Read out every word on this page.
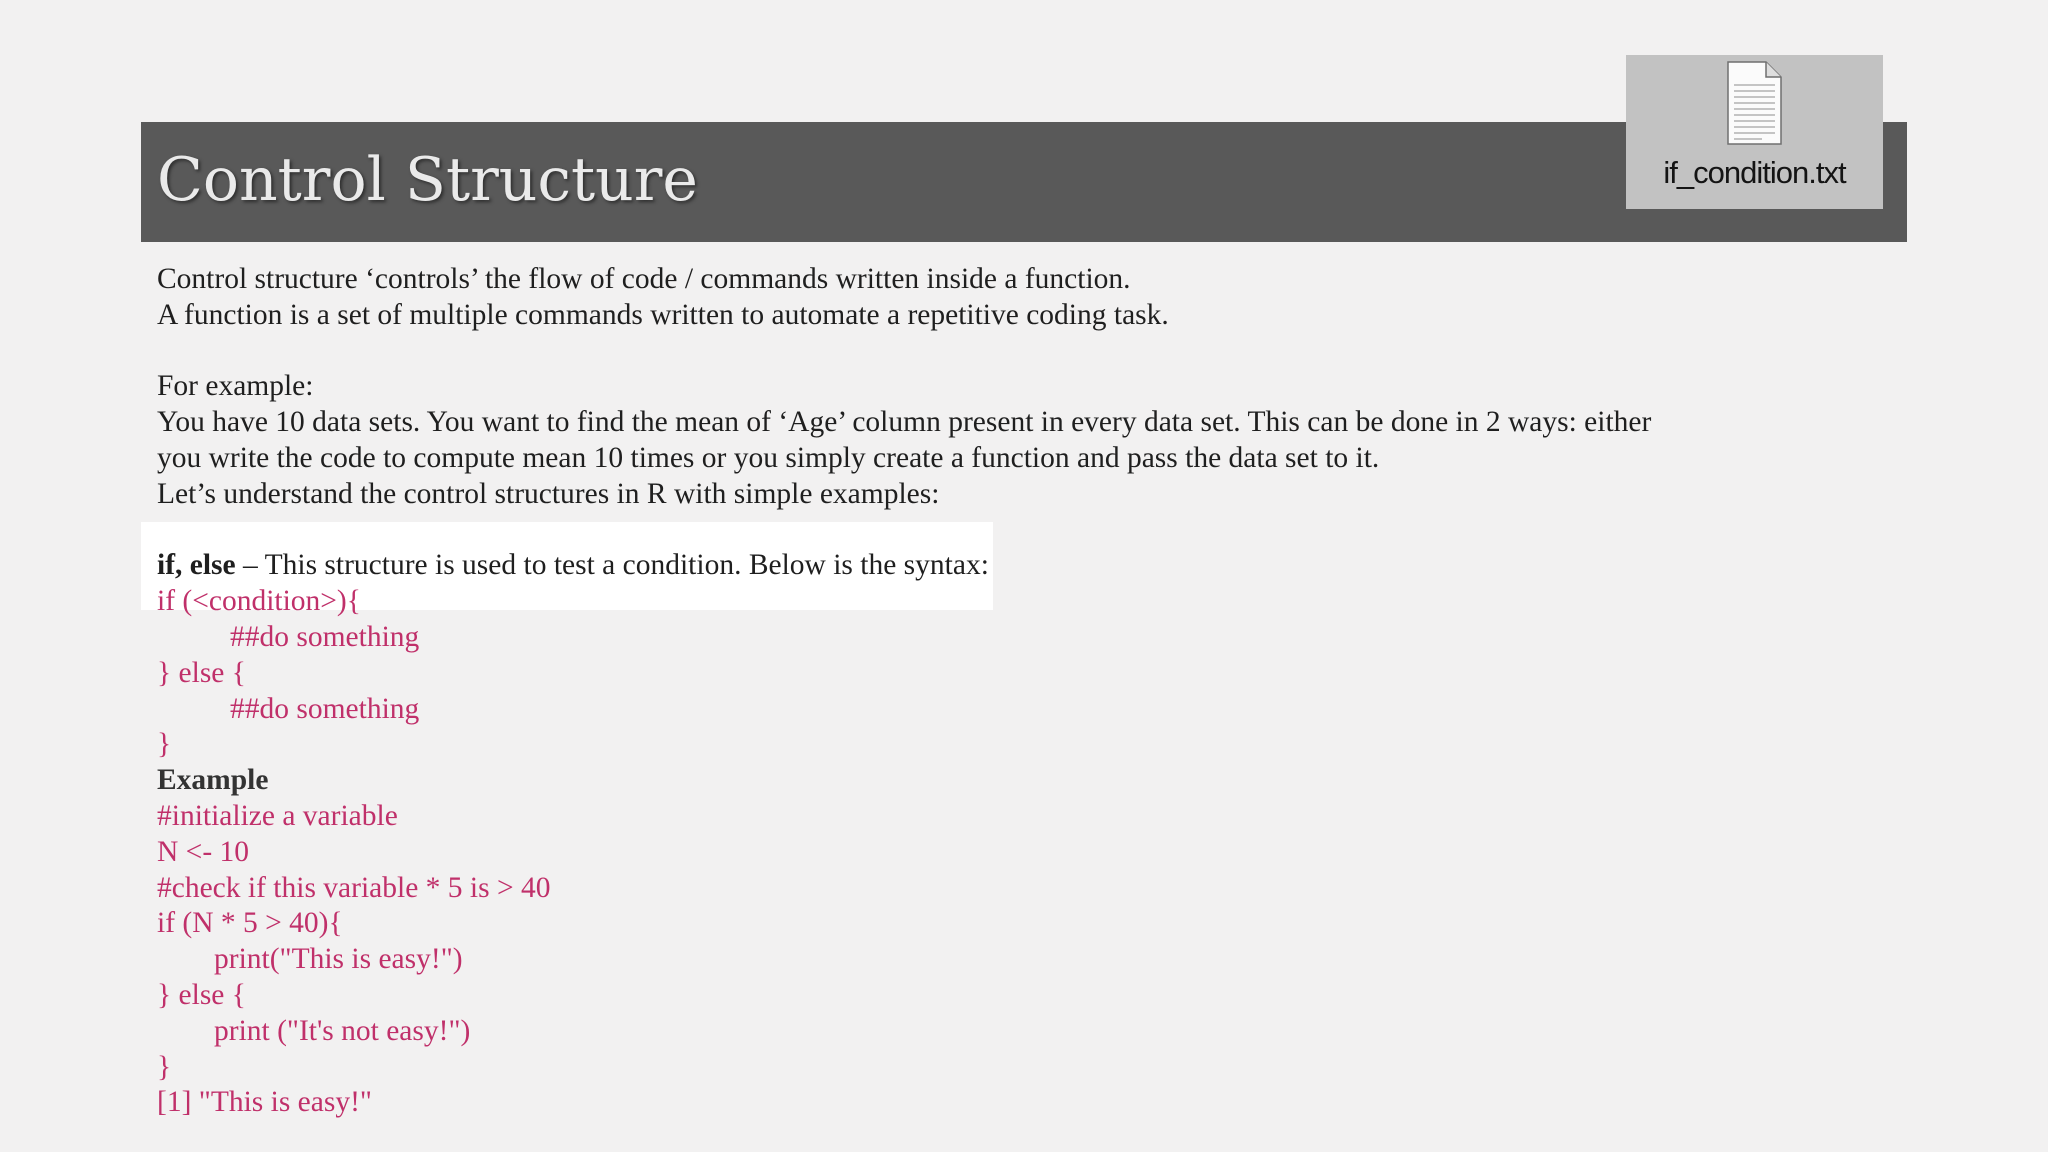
Control Structure	if_condition.txt
Control structure ‘controls’ the flow of code / commands written inside a function.
A function is a set of multiple commands written to automate a repetitive coding task.
For example:
You have 10 data sets. You want to find the mean of ‘Age’ column present in every data set. This can be done in 2 ways: either
you write the code to compute mean 10 times or you simply create a function and pass the data set to it.
Let’s understand the control structures in R with simple examples:
if, else – This structure is used to test a condition. Below is the syntax:
if (<condition>){
##do something
} else {
##do something
}
Example
#initialize a variable
N <- 10
#check if this variable * 5 is > 40
if (N * 5 > 40){
print("This is easy!")
} else {
print ("It's not easy!")
}
[1] "This is easy!"
